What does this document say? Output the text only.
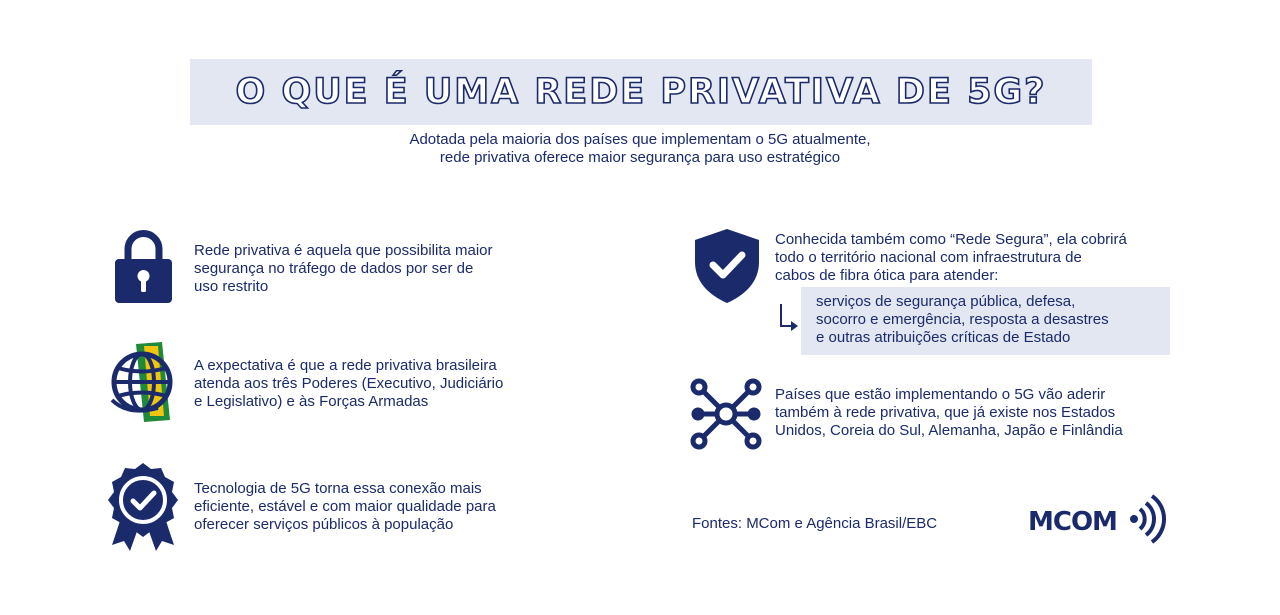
O QUE É UMA REDE PRIVATIVA DE 5G?
Adotada pela maioria dos países que implementam o 5G atualmente,
rede privativa oferece maior segurança para uso estratégico
Rede privativa é aquela que possibilita maior
segurança no tráfego de dados por ser de
uso restrito
A expectativa é que a rede privativa brasileira
atenda aos três Poderes (Executivo, Judiciário
e Legislativo) e às Forças Armadas
Tecnologia de 5G torna essa conexão mais
eficiente, estável e com maior qualidade para
oferecer serviços públicos à população
Conhecida também como “Rede Segura”, ela cobrirá
todo o território nacional com infraestrutura de
cabos de fibra ótica para atender:
serviços de segurança pública, defesa,
socorro e emergência, resposta a desastres
e outras atribuições críticas de Estado
Países que estão implementando o 5G vão aderir
também à rede privativa, que já existe nos Estados
Unidos, Coreia do Sul, Alemanha, Japão e Finlândia
Fontes: MCom e Agência Brasil/EBC	MCOM
